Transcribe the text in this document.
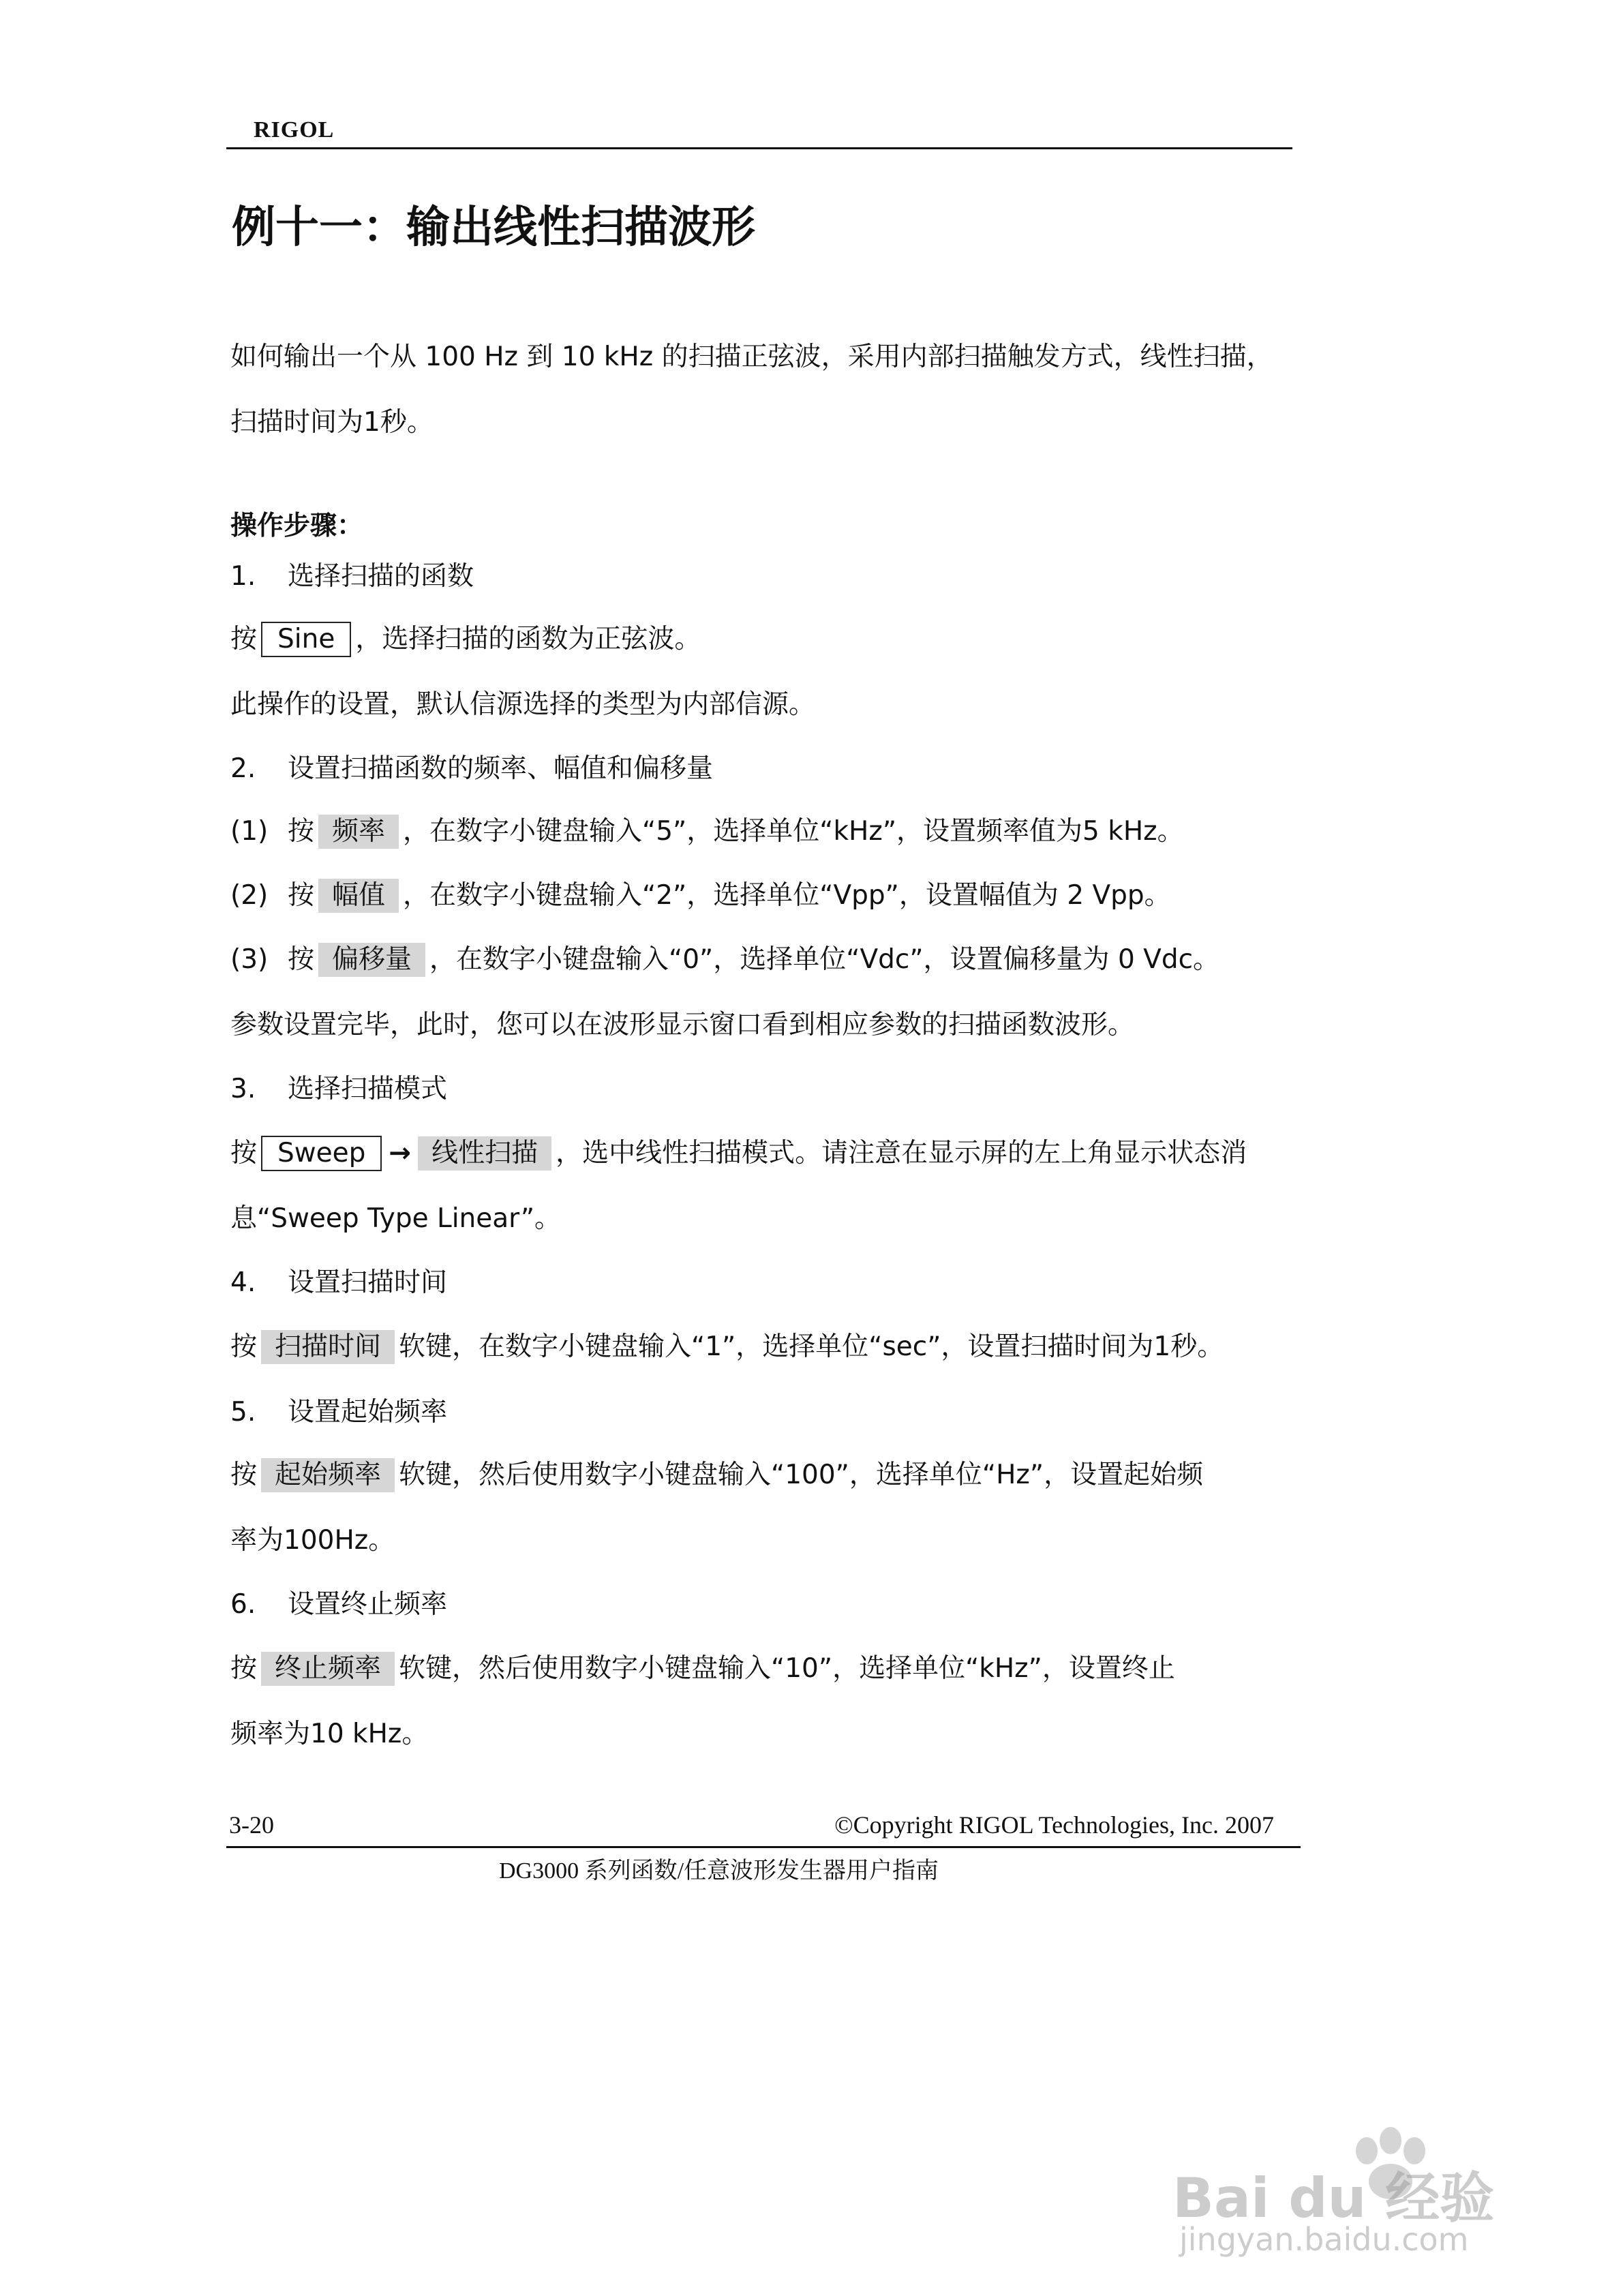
RIGOL
例十一：输出线性扫描波形
如何输出一个从 100 Hz 到 10 kHz 的扫描正弦波，采用内部扫描触发方式，线性扫描，扫描时间为1秒。
操作步骤：
1. 选择扫描的函数
按 Sine ，选择扫描的函数为正弦波。
此操作的设置，默认信源选择的类型为内部信源。
2. 设置扫描函数的频率、幅值和偏移量
(1) 按 频率 ，在数字小键盘输入“5”，选择单位“kHz”，设置频率值为5 kHz。
(2) 按 幅值 ，在数字小键盘输入“2”，选择单位“Vpp”，设置幅值为 2 Vpp。
(3) 按 偏移量 ，在数字小键盘输入“0”，选择单位“Vdc”，设置偏移量为 0 Vdc。
参数设置完毕，此时，您可以在波形显示窗口看到相应参数的扫描函数波形。
3. 选择扫描模式
按 Sweep → 线性扫描 ，选中线性扫描模式。请注意在显示屏的左上角显示状态消
息“Sweep Type Linear”。
4. 设置扫描时间
按 扫描时间 软键，在数字小键盘输入“1”，选择单位“sec”，设置扫描时间为1秒。
5. 设置起始频率
按 起始频率 软键，然后使用数字小键盘输入“100”，选择单位“Hz”，设置起始频
率为100Hz。
6. 设置终止频率
按 终止频率 软键，然后使用数字小键盘输入“10”，选择单位“kHz”，设置终止
频率为10 kHz。
3-20	©Copyright RIGOL Technologies, Inc. 2007
DG3000 系列函数/任意波形发生器用户指南
Bai du 经验
jingyan.baidu.com
